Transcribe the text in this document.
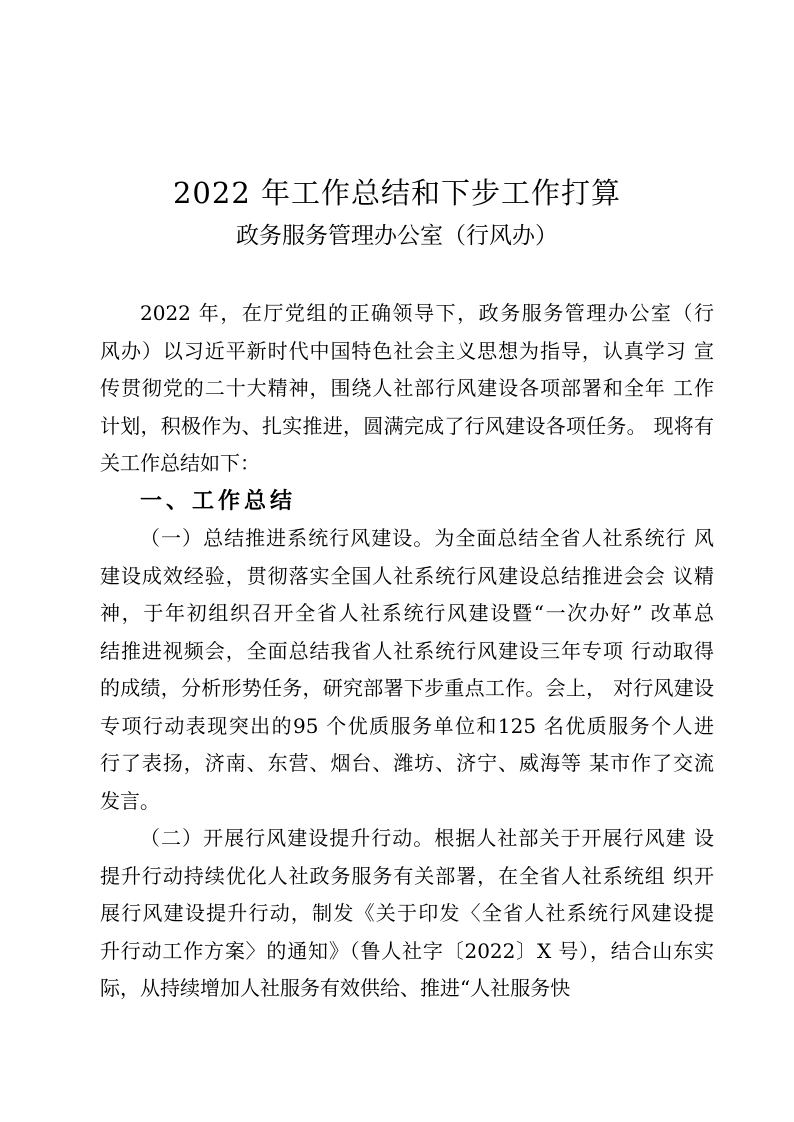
2022 年工作总结和下步工作打算
政务服务管理办公室（行风办）
2022 年，在厅党组的正确领导下，政务服务管理办公室（行
风办）以习近平新时代中国特色社会主义思想为指导，认真学习 宣
传贯彻党的二十大精神，围绕人社部行风建设各项部署和全年 工作
计划，积极作为、扎实推进，圆满完成了行风建设各项任务。 现将有
关工作总结如下：
一、工作总结
（一）总结推进系统行风建设。为全面总结全省人社系统行 风
建设成效经验，贯彻落实全国人社系统行风建设总结推进会会 议精
神，于年初组织召开全省人社系统行风建设暨“一次办好” 改革总
结推进视频会，全面总结我省人社系统行风建设三年专项 行动取得
的成绩，分析形势任务，研究部署下步重点工作。会上， 对行风建设
专项行动表现突出的95 个优质服务单位和125 名优质服务个人进
行了表扬，济南、东营、烟台、潍坊、济宁、威海等 某市作了交流
发言。
（二）开展行风建设提升行动。根据人社部关于开展行风建 设
提升行动持续优化人社政务服务有关部署，在全省人社系统组 织开
展行风建设提升行动，制发《关于印发〈全省人社系统行风建设提
升行动工作方案〉的通知》（鲁人社字〔2022〕X 号），结合山东实
际，从持续增加人社服务有效供给、推进“人社服务快
